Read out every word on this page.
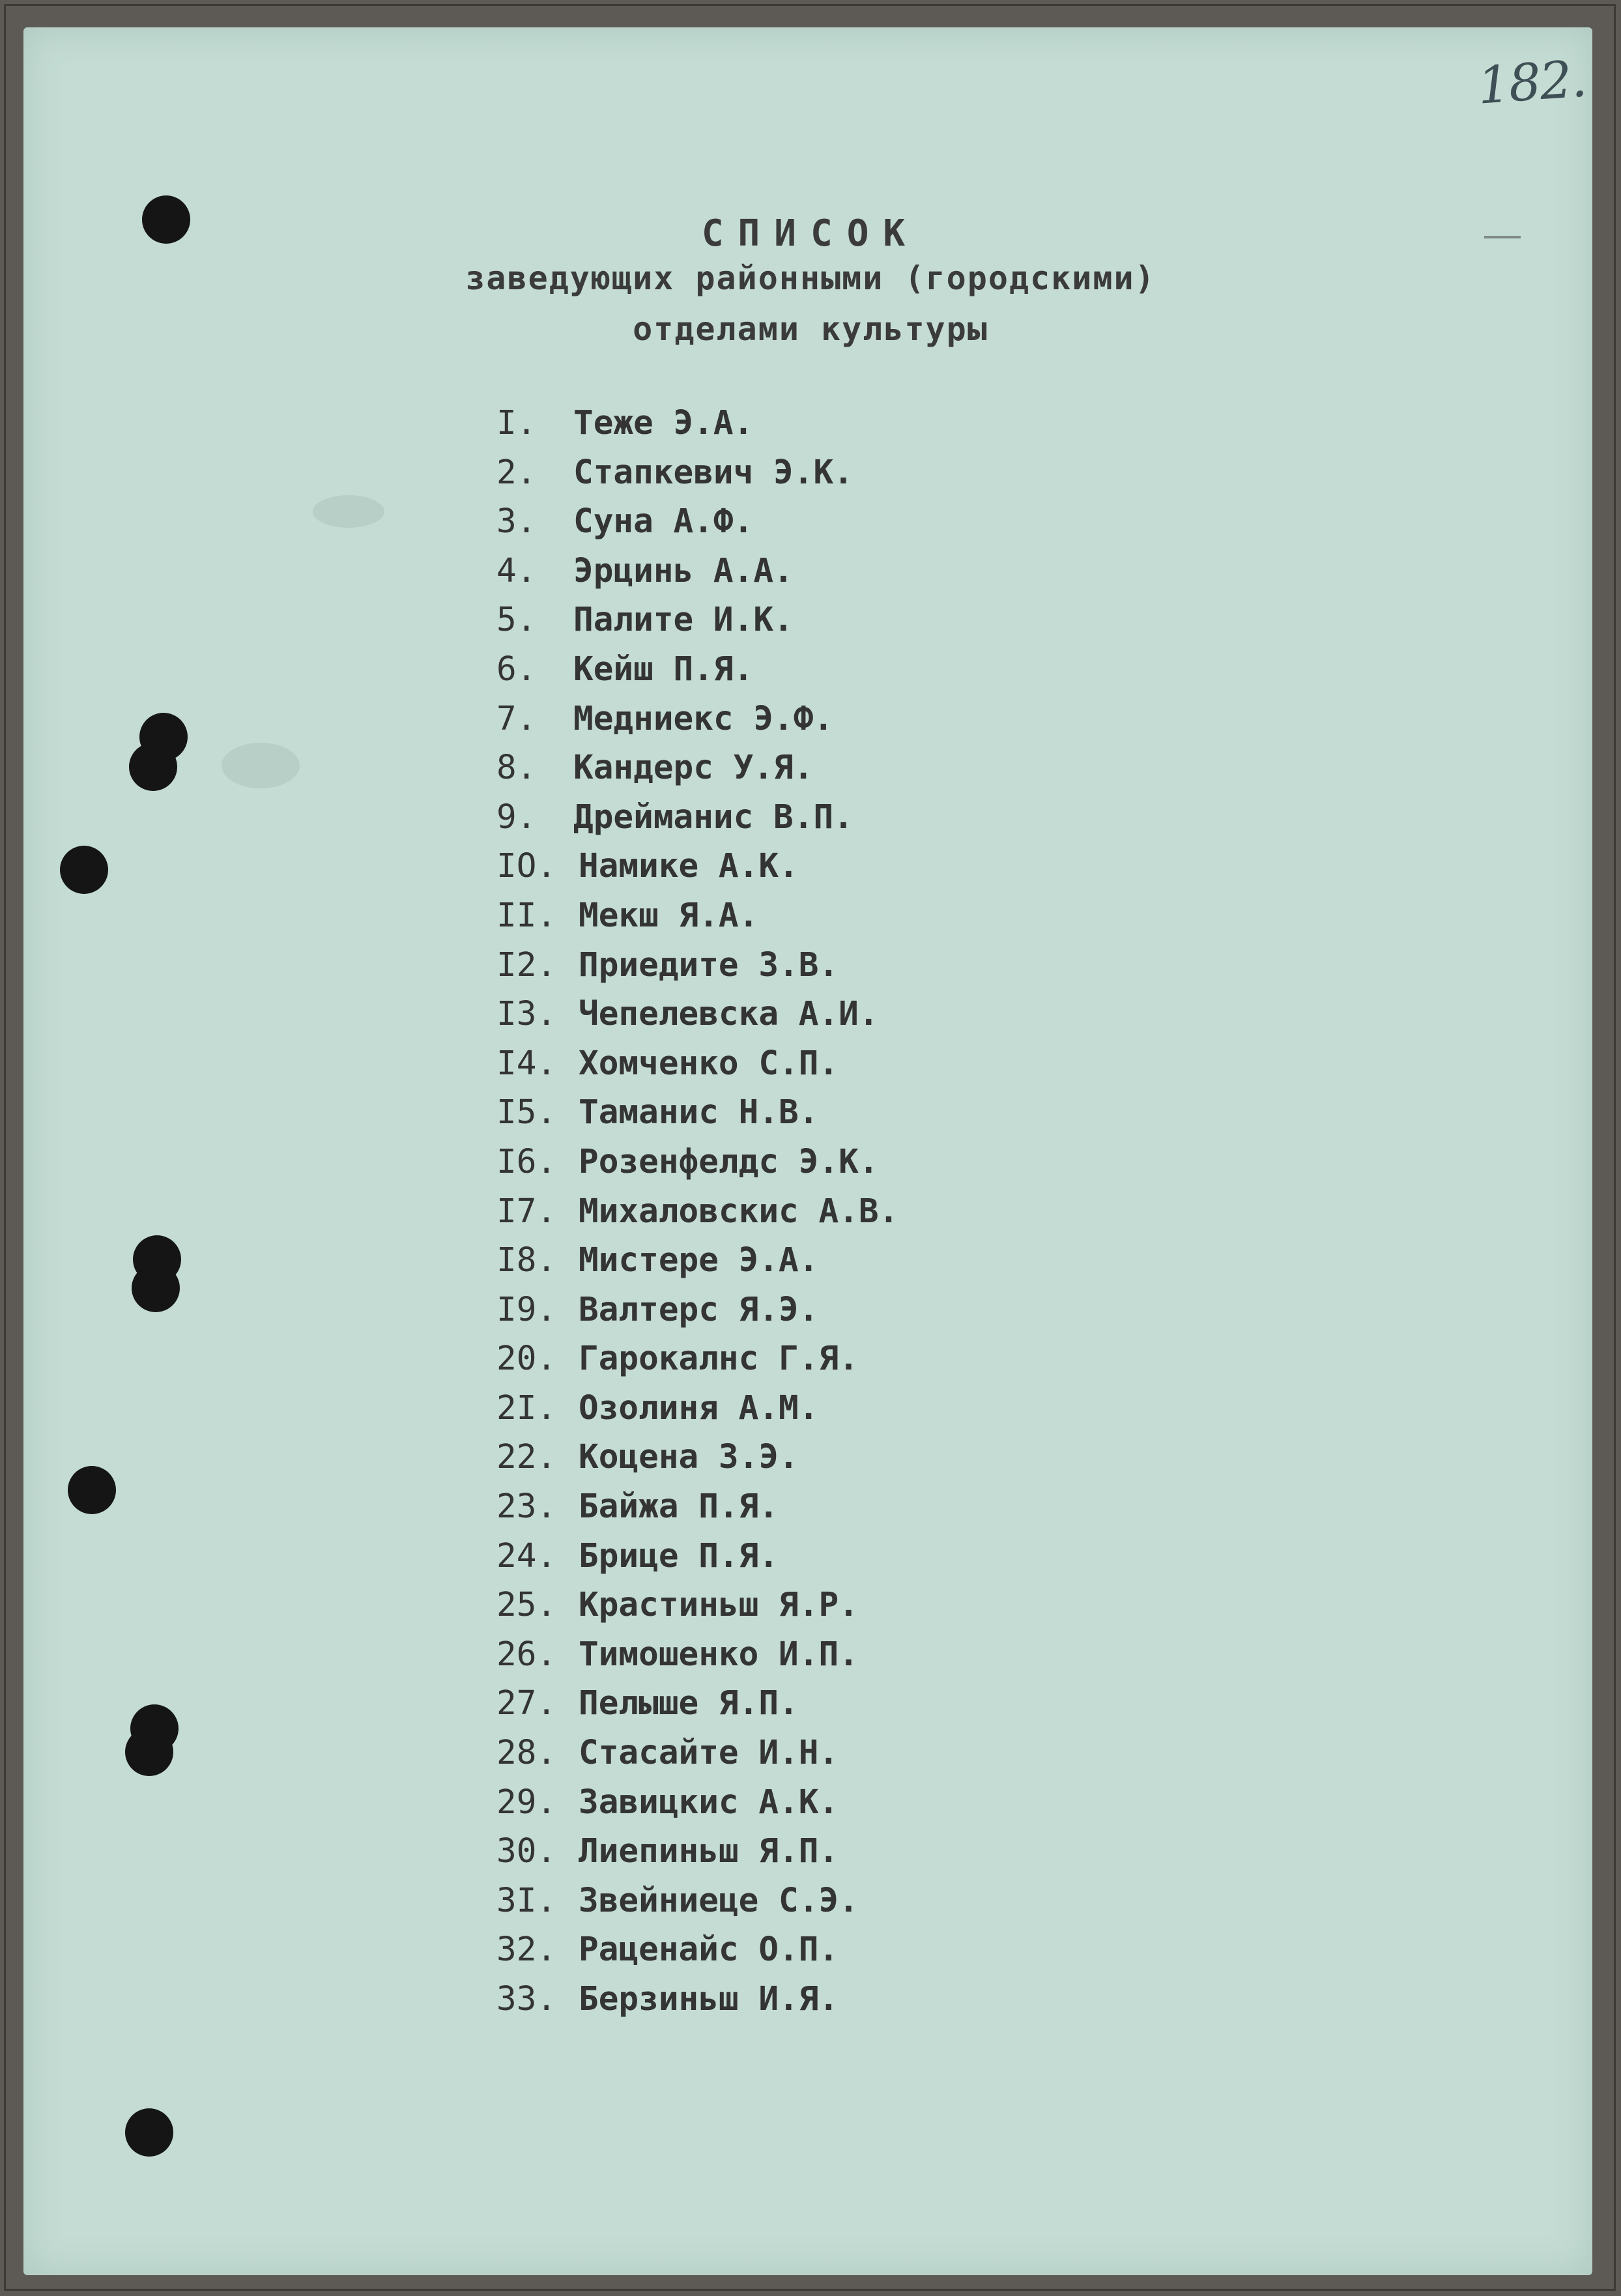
182.
СПИСОК
заведующих районными (городскими)
отделами культуры
I. Теже Э.А.
2. Стапкевич Э.К.
3. Суна А.Ф.
4. Эрцинь А.А.
5. Палите И.К.
6. Кейш П.Я.
7. Медниекс Э.Ф.
8. Кандерс У.Я.
9. Дрейманис В.П.
IO. Намике А.К.
II. Мекш Я.А.
I2. Приедите З.В.
I3. Чепелевска А.И.
I4. Хомченко С.П.
I5. Таманис Н.В.
I6. Розенфелдс Э.К.
I7. Михаловскис А.В.
I8. Мистере Э.А.
I9. Валтерс Я.Э.
20. Гарокалнс Г.Я.
2I. Озолиня А.М.
22. Коцена З.Э.
23. Байжа П.Я.
24. Брице П.Я.
25. Крастиньш Я.Р.
26. Тимошенко И.П.
27. Пелыше Я.П.
28. Стасайте И.Н.
29. Завицкис А.К.
30. Лиепиньш Я.П.
3I. Звейниеце С.Э.
32. Раценайс О.П.
33. Берзиньш И.Я.
